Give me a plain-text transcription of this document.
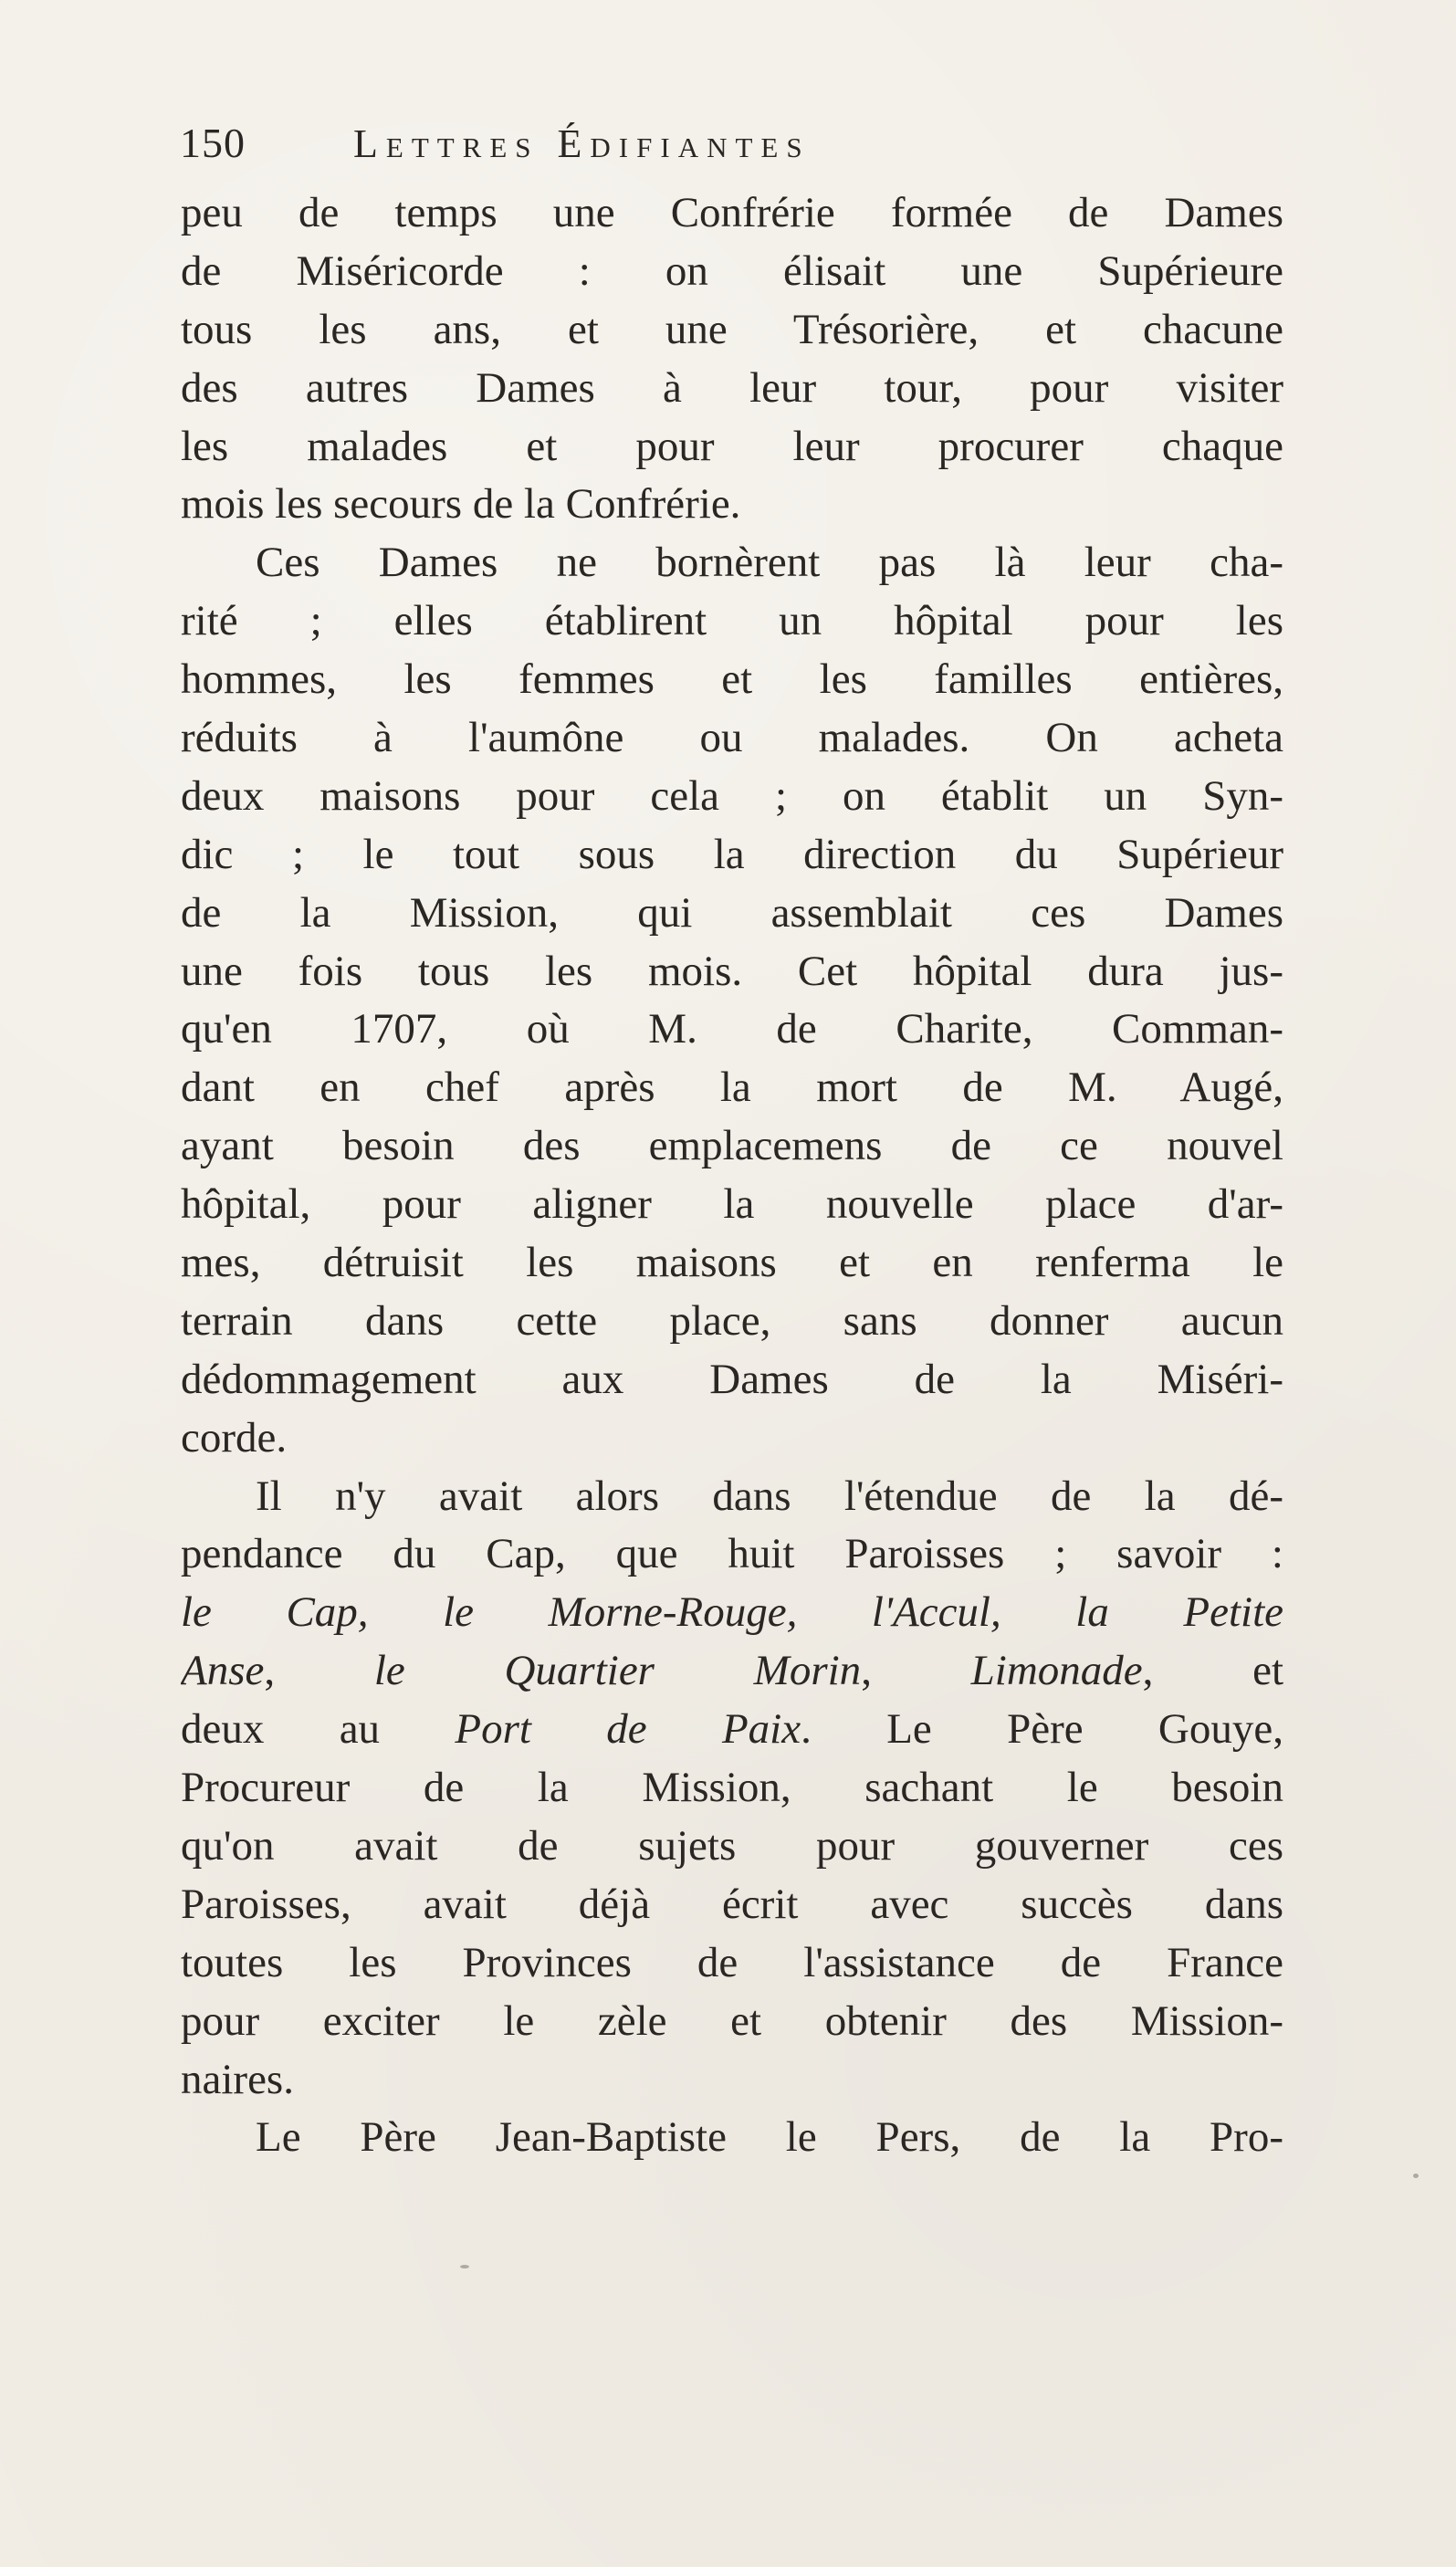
150	Lettres Édifiantes
peu de temps une Confrérie formée de Dames
de Miséricorde : on élisait une Supérieure
tous les ans, et une Trésorière, et chacune
des autres Dames à leur tour, pour visiter
les malades et pour leur procurer chaque
mois les secours de la Confrérie.
Ces Dames ne bornèrent pas là leur cha-
rité ; elles établirent un hôpital pour les
hommes, les femmes et les familles entières,
réduits à l'aumône ou malades. On acheta
deux maisons pour cela ; on établit un Syn-
dic ; le tout sous la direction du Supérieur
de la Mission, qui assemblait ces Dames
une fois tous les mois. Cet hôpital dura jus-
qu'en 1707, où M. de Charite, Comman-
dant en chef après la mort de M. Augé,
ayant besoin des emplacemens de ce nouvel
hôpital, pour aligner la nouvelle place d'ar-
mes, détruisit les maisons et en renferma le
terrain dans cette place, sans donner aucun
dédommagement aux Dames de la Miséri-
corde.
Il n'y avait alors dans l'étendue de la dé-
pendance du Cap, que huit Paroisses ; savoir :
le Cap, le Morne-Rouge, l'Accul, la Petite
Anse, le Quartier Morin, Limonade, et
deux au Port de Paix. Le Père Gouye,
Procureur de la Mission, sachant le besoin
qu'on avait de sujets pour gouverner ces
Paroisses, avait déjà écrit avec succès dans
toutes les Provinces de l'assistance de France
pour exciter le zèle et obtenir des Mission-
naires.
Le Père Jean-Baptiste le Pers, de la Pro-
